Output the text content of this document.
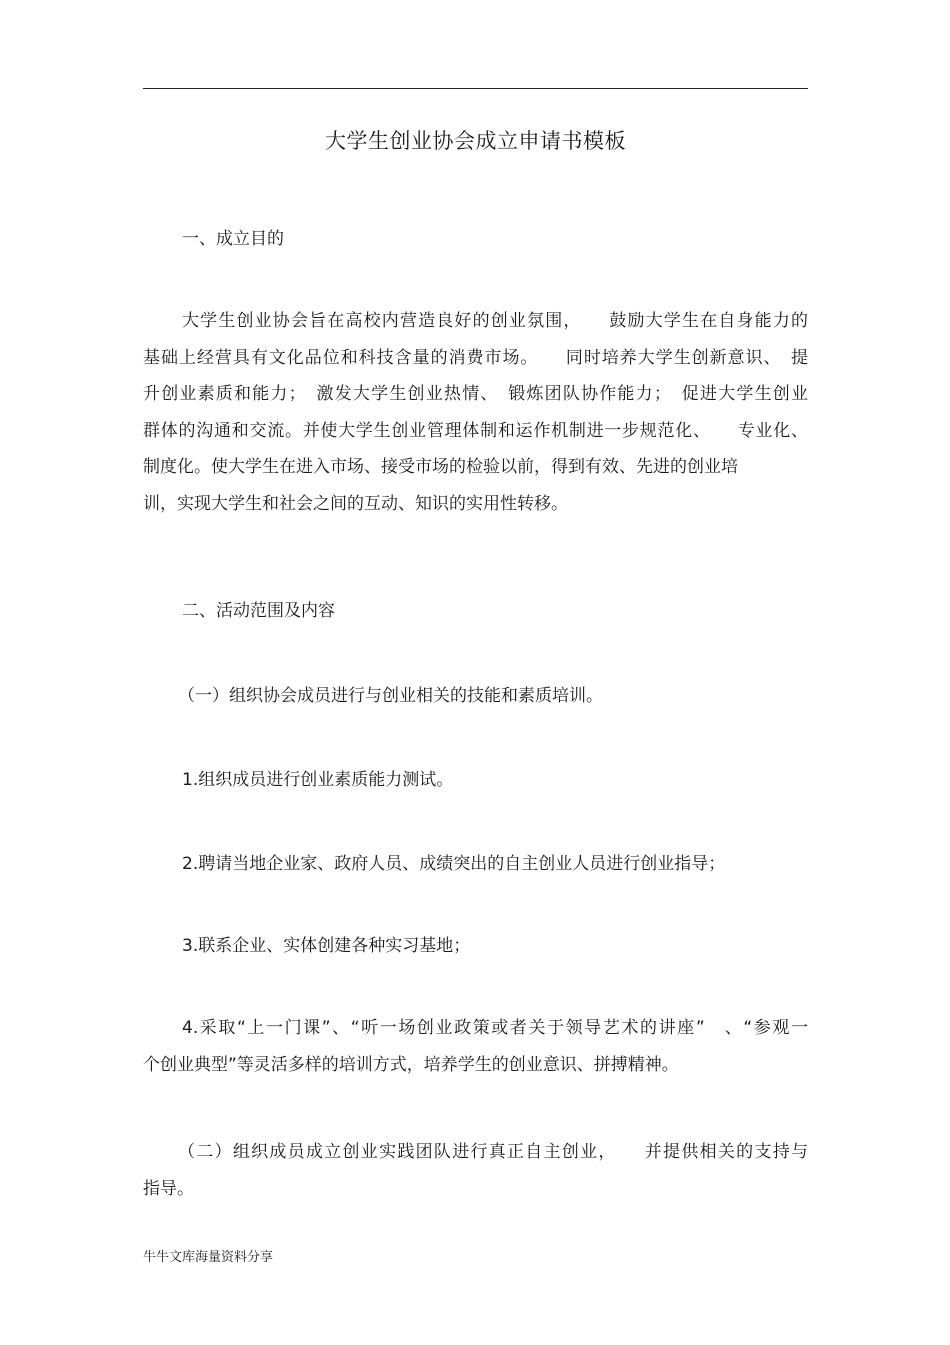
大学生创业协会成立申请书模板
一、成立目的
大学生创业协会旨在高校内营造良好的创业氛围，　　鼓励大学生在自身能力的
基础上经营具有文化品位和科技含量的消费市场。　　同时培养大学生创新意识、　提
升创业素质和能力；　激发大学生创业热情、　锻炼团队协作能力；　促进大学生创业
群体的沟通和交流。并使大学生创业管理体制和运作机制进一步规范化、　　专业化、
制度化。使大学生在进入市场、接受市场的检验以前，得到有效、先进的创业培
训，实现大学生和社会之间的互动、知识的实用性转移。
二、活动范围及内容
（一）组织协会成员进行与创业相关的技能和素质培训。
1.组织成员进行创业素质能力测试。
2.聘请当地企业家、政府人员、成绩突出的自主创业人员进行创业指导；
3.联系企业、实体创建各种实习基地；
4.采取“上一门课”、“听一场创业政策或者关于领导艺术的讲座”　、“参观一
个创业典型”等灵活多样的培训方式，培养学生的创业意识、拼搏精神。
（二）组织成员成立创业实践团队进行真正自主创业，　　并提供相关的支持与
指导。
牛牛文库海量资料分享
